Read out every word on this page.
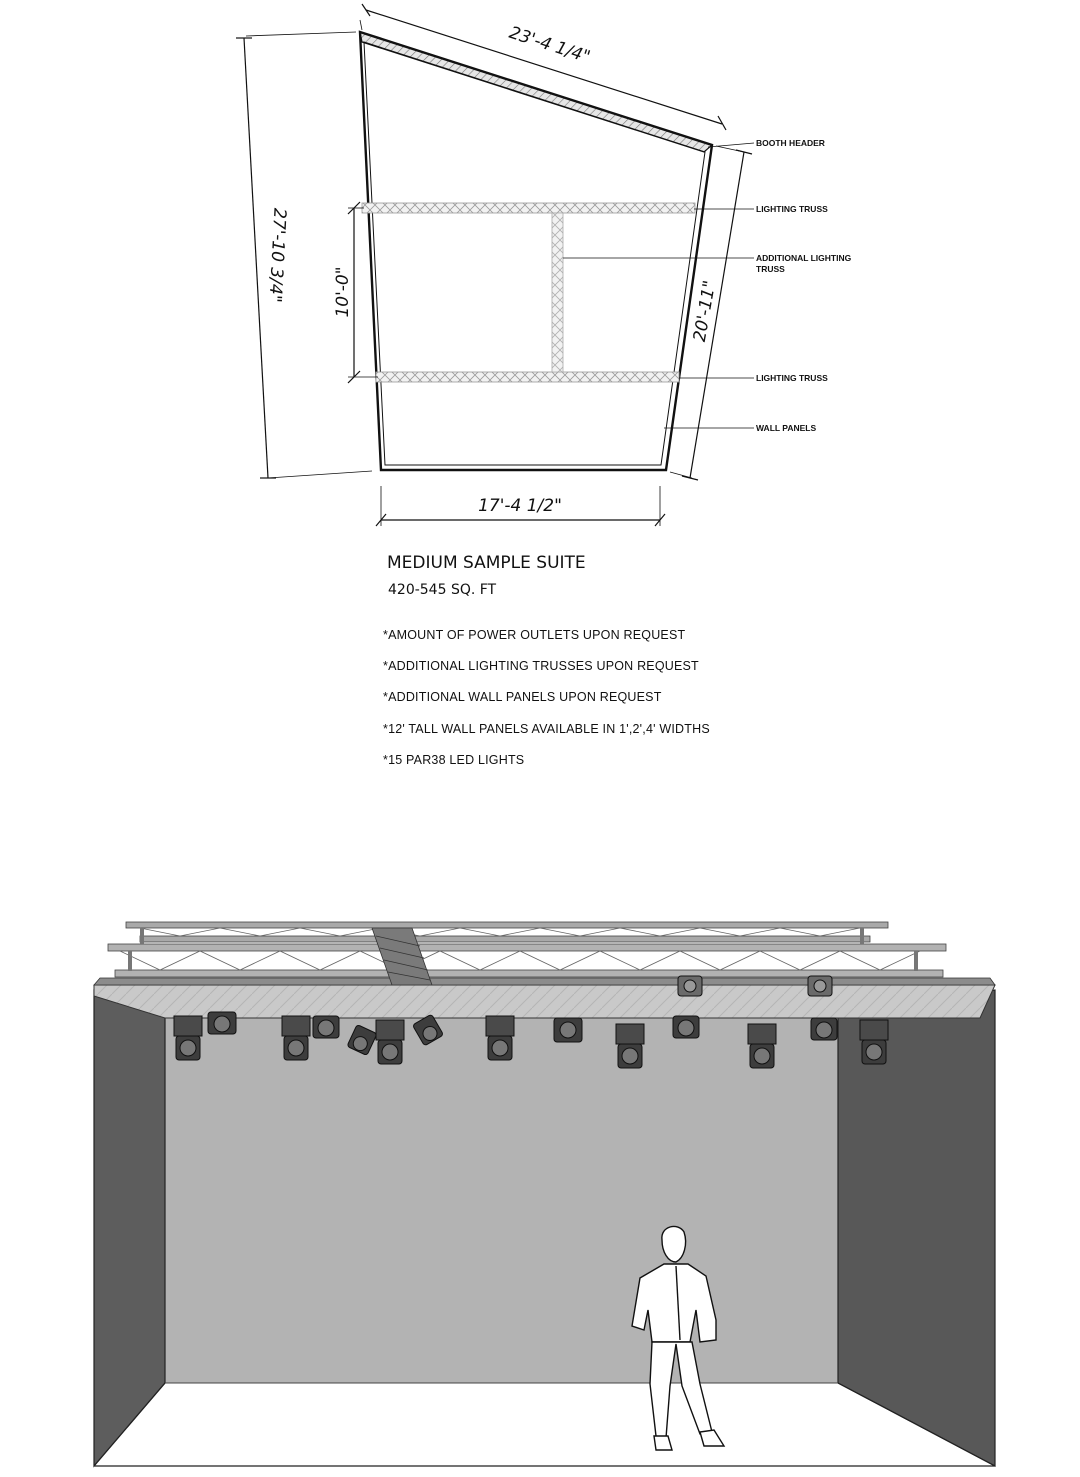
23'-4 1/4"
27'-10 3/4"
20'-11"
17'-4 1/2"
10'-0"
BOOTH HEADER
LIGHTING TRUSS
ADDITIONAL LIGHTING
TRUSS
LIGHTING TRUSS
WALL PANELS
MEDIUM SAMPLE SUITE
420-545 SQ. FT
*AMOUNT OF POWER OUTLETS UPON REQUEST
*ADDITIONAL LIGHTING TRUSSES UPON REQUEST
*ADDITIONAL WALL PANELS UPON REQUEST
*12' TALL WALL PANELS AVAILABLE IN 1',2',4' WIDTHS
*15 PAR38 LED LIGHTS
